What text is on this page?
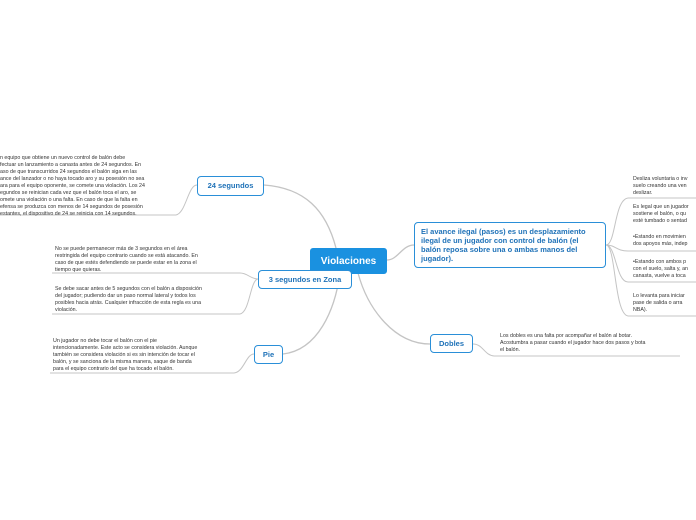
Violaciones
24 segundos

n equipo que obtiene un nuevo control de balón debe
fectuar un lanzamiento a canasta antes de 24 segundos. En
aso de que transcurridos 24 segundos el balón siga en las
ance del lanzador o no haya tocado aro y su posesión no sea
ara para el equipo oponente, se comete una violación. Los 24
egundos se reinician cada vez que el balón toca el aro, se
omete una violación o una falta. En caso de que la falta en
efensa se produzca con menos de 14 segundos de posesión
estantes, el dispositivo de 24 se reinicia con 14 segundos.

3 segundos en Zona

No se puede permanecer más de 3 segundos en el área
restringida del equipo contrario cuando se está atacando. En
caso de que estés defendiendo se puede estar en la zona el
tiempo que quieras.

Se debe sacar antes de 5 segundos con el balón a disposición
del jugador; pudiendo dar un paso normal lateral y todos los
posibles hacia atrás. Cualquier infracción de esta regla es una
violación.

Pie

Un jugador no debe tocar el balón con el pie
intencionadamente. Este acto se considera violación. Aunque
también se considera violación si es sin intención de tocar el
balón, y se sanciona de la misma manera, saque de banda
para el equipo contrario del que ha tocado el balón.

El avance ilegal (pasos) es un desplazamiento ilegal de un jugador con control de balón (el balón reposa sobre una o ambas manos del jugador).

Desliza voluntaria o inv
suelo creando una ven
deslizar.

Es legal que un jugador
sostiene el balón, o qu
esté tumbado o sentad

•Estando en movimien
dos apoyos más, indep

•Estando con ambos p
con el suelo, salta y, an
canasta, vuelve a toca

Lo levanta para iniciar
pase de salida o arra
NBA).

Dobles

Los dobles es una falta por acompañar el balón al botar.
Acostumbra a pasar cuando el jugador hace dos pasos y bota
el balón.
